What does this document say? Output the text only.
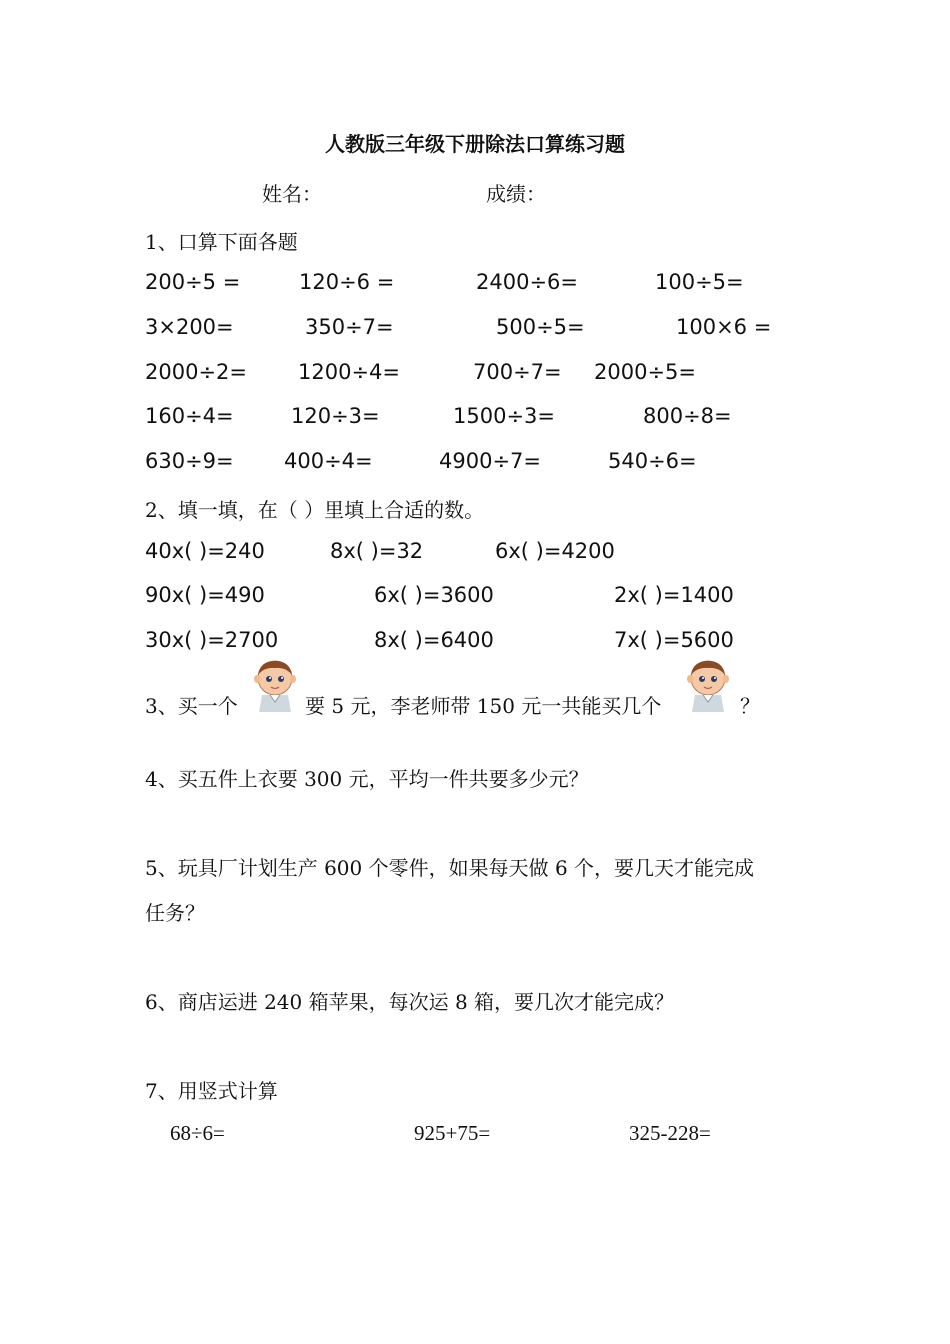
人教版三年级下册除法口算练习题
姓名：	成绩：
1、口算下面各题
200÷5 =	120÷6 =	2400÷6=	100÷5=
3×200=	350÷7=	500÷5=	100×6 =
2000÷2= 1200÷4=	700÷7= 2000÷5=
160÷4=	120÷3=	1500÷3=	800÷8=
630÷9= 400÷4=	4900÷7=	540÷6=
2、填一填，在（ ）里填上合适的数。
40x( )=240	8x( )=32	6x( )=4200
90x( )=490	6x( )=3600	2x( )=1400
30x( )=2700	8x( )=6400	7x( )=5600
3、买一个	要 5 元，李老师带 150 元一共能买几个	？
4、买五件上衣要 300 元，平均一件共要多少元？
5、玩具厂计划生产 600 个零件，如果每天做 6 个，要几天才能完成
任务？
6、商店运进 240 箱苹果，每次运 8 箱，要几次才能完成？
7、用竖式计算
68÷6=	925+75=	325-228=
